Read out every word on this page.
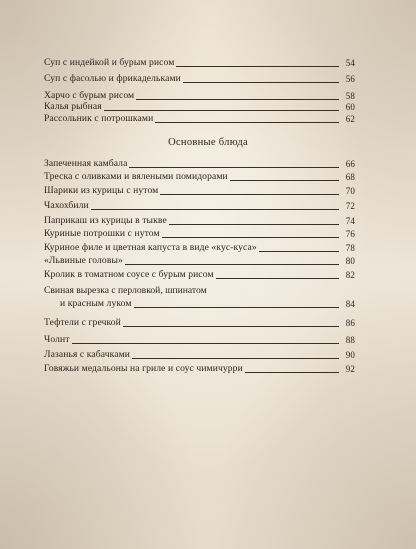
Суп с индейкой и бурым рисом	54
Суп с фасолью и фрикадельками	56
Харчо с бурым рисом	58
Калья рыбная	60
Рассольник с потрошками	62
Основные блюда
Запеченная камбала	66
Треска с оливками и вялеными помидорами	68
Шарики из курицы с нутом	70
Чахохбили	72
Паприкаш из курицы в тыкве	74
Куриные потрошки с нутом	76
Куриное филе и цветная капуста в виде «кус-куса»	78
«Львиные головы»	80
Кролик в томатном соусе с бурым рисом	82
Свиная вырезка с перловкой, шпинатом
и красным луком	84
Тефтели с гречкой	86
Чолнт	88
Лазанья с кабачками	90
Говяжьи медальоны на гриле и соус чимичурри	92
